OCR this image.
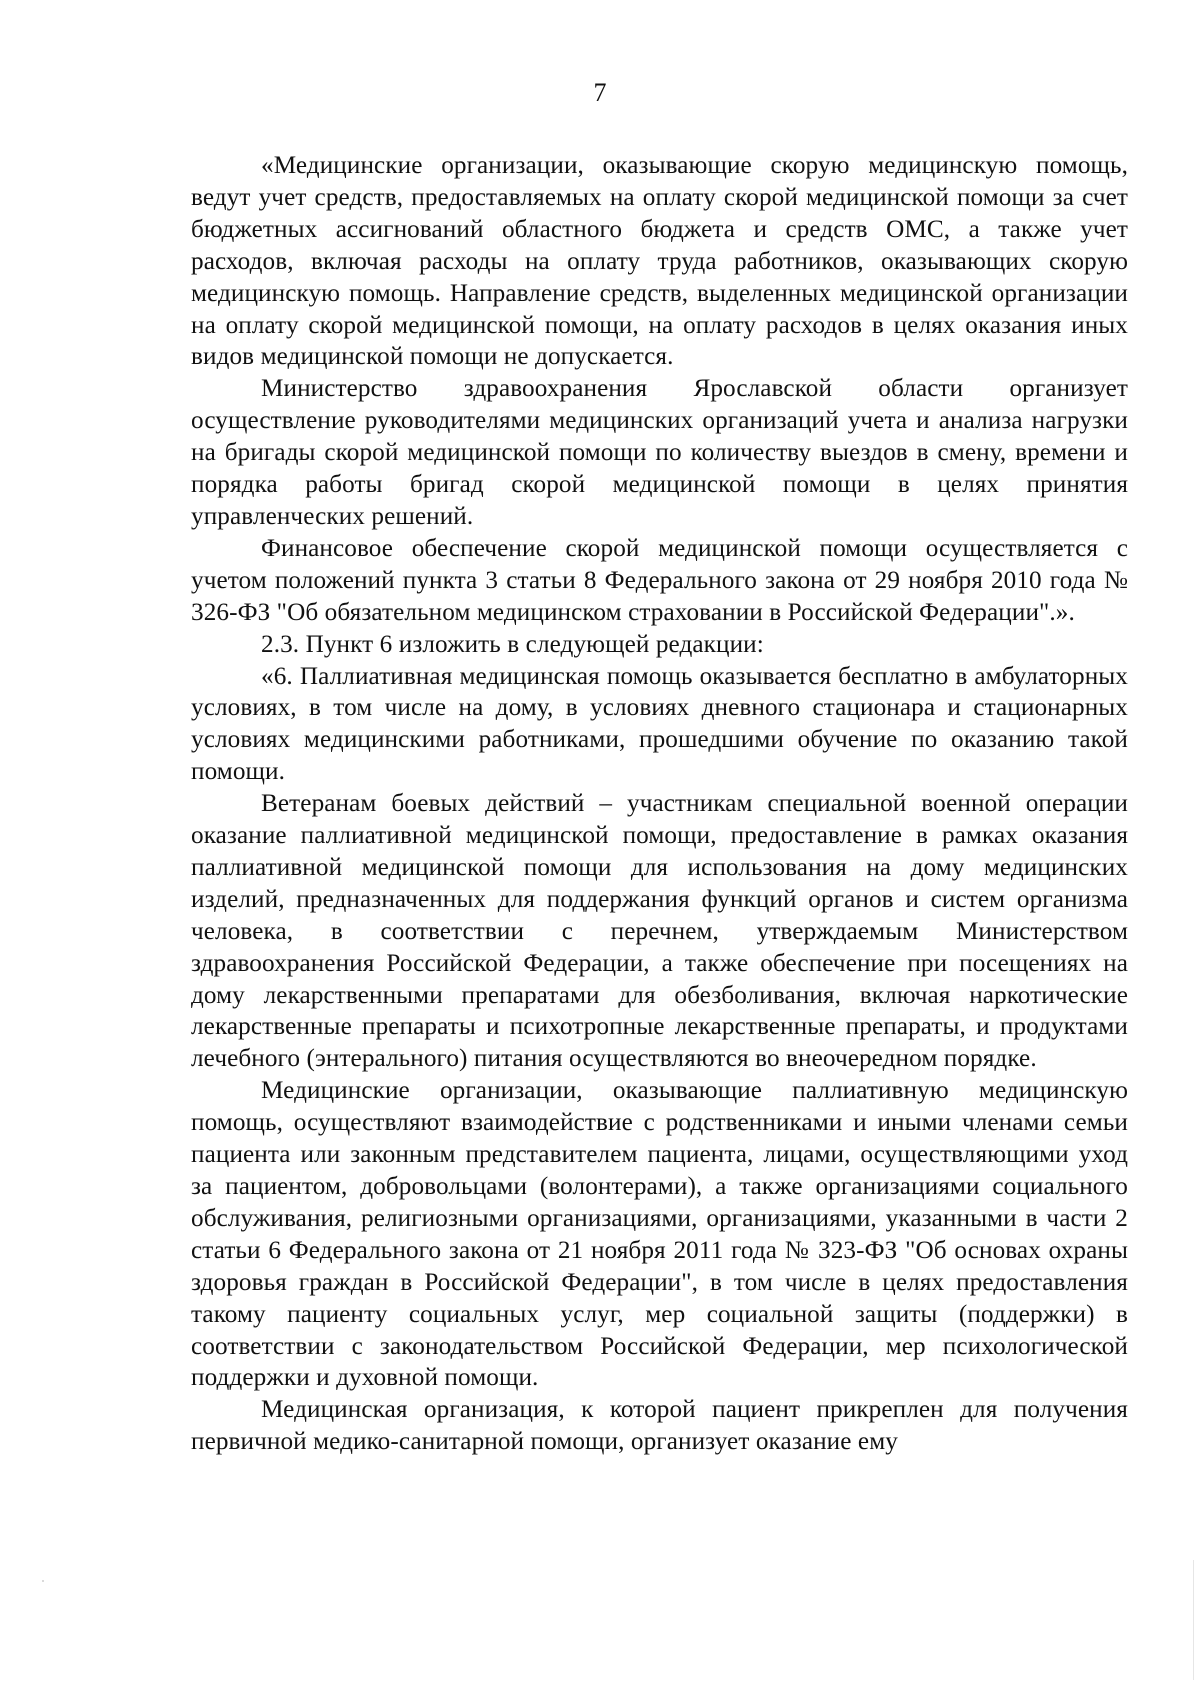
7

«Медицинские организации, оказывающие скорую медицинскую помощь, ведут учет средств, предоставляемых на оплату скорой медицинской помощи за счет бюджетных ассигнований областного бюджета и средств ОМС, а также учет расходов, включая расходы на оплату труда работников, оказывающих скорую медицинскую помощь. Направление средств, выделенных медицинской организации на оплату скорой медицинской помощи, на оплату расходов в целях оказания иных видов медицинской помощи не допускается.

Министерство здравоохранения Ярославской области организует осуществление руководителями медицинских организаций учета и анализа нагрузки на бригады скорой медицинской помощи по количеству выездов в смену, времени и порядка работы бригад скорой медицинской помощи в целях принятия управленческих решений.

Финансовое обеспечение скорой медицинской помощи осуществляется с учетом положений пункта 3 статьи 8 Федерального закона от 29 ноября 2010 года № 326-ФЗ "Об обязательном медицинском страховании в Российской Федерации".».

2.3. Пункт 6 изложить в следующей редакции:

«6. Паллиативная медицинская помощь оказывается бесплатно в амбулаторных условиях, в том числе на дому, в условиях дневного стационара и стационарных условиях медицинскими работниками, прошедшими обучение по оказанию такой помощи.

Ветеранам боевых действий – участникам специальной военной операции оказание паллиативной медицинской помощи, предоставление в рамках оказания паллиативной медицинской помощи для использования на дому медицинских изделий, предназначенных для поддержания функций органов и систем организма человека, в соответствии с перечнем, утверждаемым Министерством здравоохранения Российской Федерации, а также обеспечение при посещениях на дому лекарственными препаратами для обезболивания, включая наркотические лекарственные препараты и психотропные лекарственные препараты, и продуктами лечебного (энтерального) питания осуществляются во внеочередном порядке.

Медицинские организации, оказывающие паллиативную медицинскую помощь, осуществляют взаимодействие с родственниками и иными членами семьи пациента или законным представителем пациента, лицами, осуществляющими уход за пациентом, добровольцами (волонтерами), а также организациями социального обслуживания, религиозными организациями, организациями, указанными в части 2 статьи 6 Федерального закона от 21 ноября 2011 года № 323-ФЗ "Об основах охраны здоровья граждан в Российской Федерации", в том числе в целях предоставления такому пациенту социальных услуг, мер социальной защиты (поддержки) в соответствии с законодательством Российской Федерации, мер психологической поддержки и духовной помощи.

Медицинская организация, к которой пациент прикреплен для получения первичной медико-санитарной помощи, организует оказание ему
